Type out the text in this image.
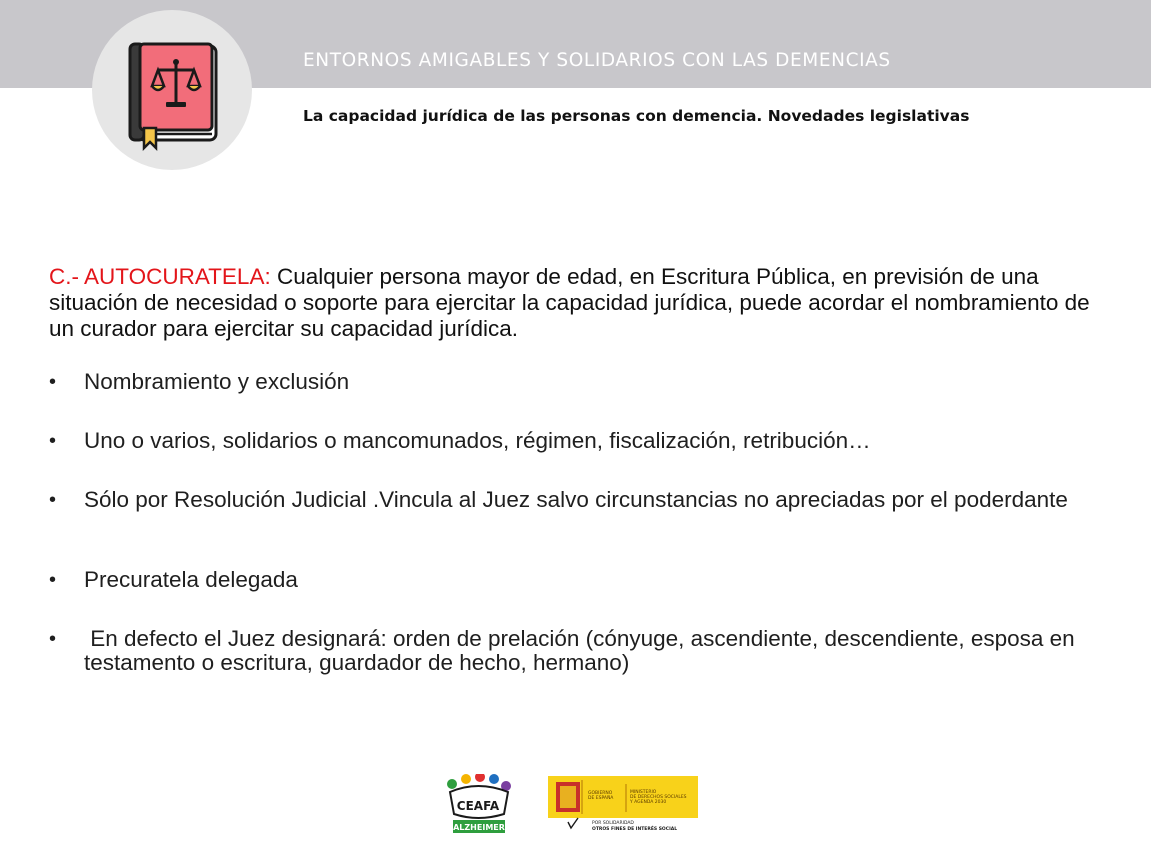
ENTORNOS AMIGABLES Y SOLIDARIOS CON LAS DEMENCIAS
La capacidad jurídica de las personas con demencia. Novedades legislativas
C.- AUTOCURATELA: Cualquier persona mayor de edad, en Escritura Pública, en previsión de una situación de necesidad o soporte para ejercitar la capacidad jurídica, puede acordar el nombramiento de un curador para ejercitar su capacidad jurídica.
•	Nombramiento y exclusión
•	Uno o varios, solidarios o mancomunados, régimen, fiscalización, retribución…
•	Sólo por Resolución Judicial .Vincula al Juez salvo circunstancias no apreciadas por el poderdante
•	Precuratela delegada
•	En defecto el Juez designará: orden de prelación (cónyuge, ascendiente, descendiente, esposa en testamento o escritura, guardador de hecho, hermano)
CEAFA
ALZHEIMER
GOBIERNO
DE ESPAÑA
MINISTERIO
DE DERECHOS SOCIALES
Y AGENDA 2030
POR SOLIDARIDAD
OTROS FINES DE INTERÉS SOCIAL
